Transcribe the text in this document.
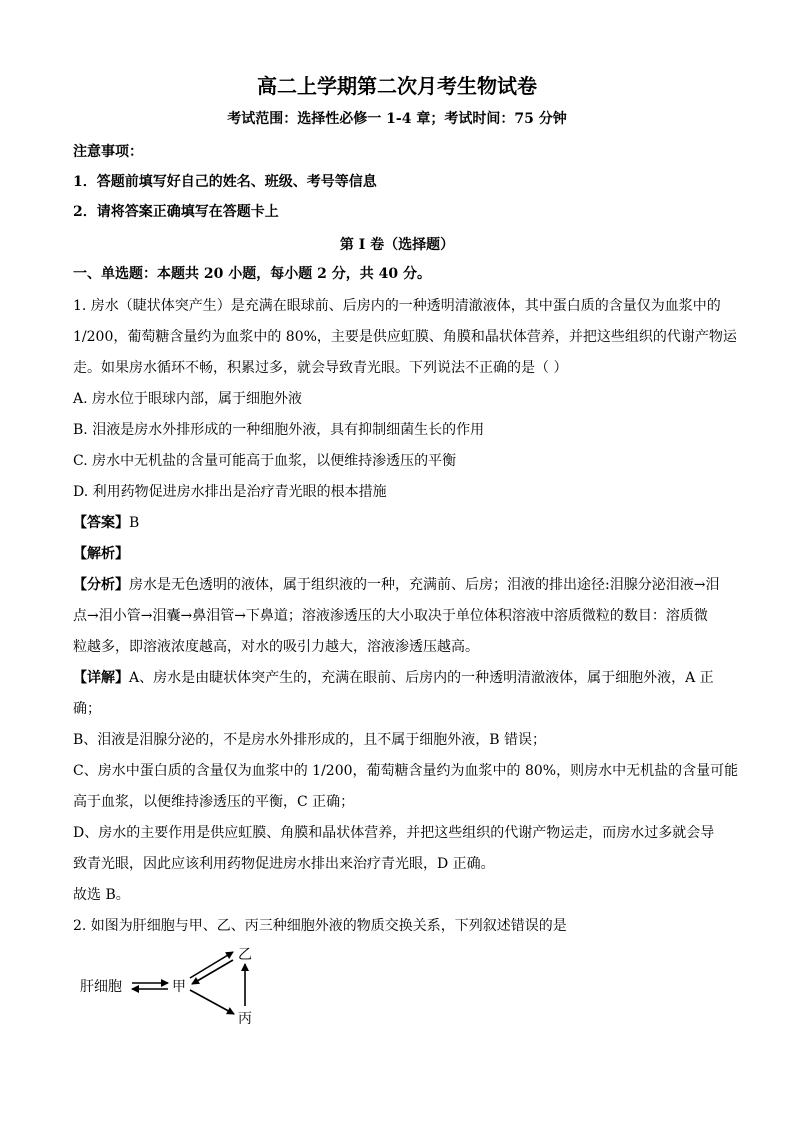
高二上学期第二次月考生物试卷
考试范围：选择性必修一 1-4 章；考试时间：75 分钟
注意事项：
1．答题前填写好自己的姓名、班级、考号等信息
2．请将答案正确填写在答题卡上
第 I 卷（选择题）
一、单选题：本题共 20 小题，每小题 2 分，共 40 分。
1. 房水（睫状体突产生）是充满在眼球前、后房内的一种透明清澈液体，其中蛋白质的含量仅为血浆中的
1/200，葡萄糖含量约为血浆中的 80%，主要是供应虹膜、角膜和晶状体营养，并把这些组织的代谢产物运
走。如果房水循环不畅，积累过多，就会导致青光眼。下列说法不正确的是（ ）
A. 房水位于眼球内部，属于细胞外液
B. 泪液是房水外排形成的一种细胞外液，具有抑制细菌生长的作用
C. 房水中无机盐的含量可能高于血浆，以便维持渗透压的平衡
D. 利用药物促进房水排出是治疗青光眼的根本措施
【答案】B
【解析】
【分析】房水是无色透明的液体，属于组织液的一种，充满前、后房；泪液的排出途径:泪腺分泌泪液→泪
点→泪小管→泪囊→鼻泪管→下鼻道；溶液渗透压的大小取决于单位体积溶液中溶质微粒的数目：溶质微
粒越多，即溶液浓度越高，对水的吸引力越大，溶液渗透压越高。
【详解】A、房水是由睫状体突产生的，充满在眼前、后房内的一种透明清澈液体，属于细胞外液，A 正
确；
B、泪液是泪腺分泌的，不是房水外排形成的，且不属于细胞外液，B 错误；
C、房水中蛋白质的含量仅为血浆中的 1/200，葡萄糖含量约为血浆中的 80%，则房水中无机盐的含量可能
高于血浆，以便维持渗透压的平衡，C 正确；
D、房水的主要作用是供应虹膜、角膜和晶状体营养，并把这些组织的代谢产物运走，而房水过多就会导
致青光眼，因此应该利用药物促进房水排出来治疗青光眼，D 正确。
故选 B。
2. 如图为肝细胞与甲、乙、丙三种细胞外液的物质交换关系，下列叙述错误的是
肝细胞	甲
乙
丙
